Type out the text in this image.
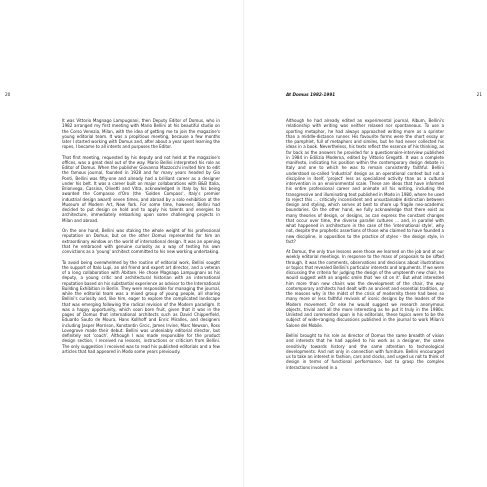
20

It was Vittorio Magnago Lampugnani, then Deputy Editor of Domus, who in 1982 arranged my first meeting with Mario Bellini at his beautiful studio on the Corso Venezia, Milan, with the idea of getting me to join the magazine's young editorial team. It was a propitious meeting, because a few months later I started working with Domus and, after about a year spent learning the ropes, I became to all intents and purposes the Editor.

That first meeting, requested by his deputy and not held at the magazine's offices, was a great deal out of the way. Mario Bellini interpreted his role as Editor of Domus. When the publisher Giovanna Mazzocchi invited him to edit the famous journal, founded in 1928 and for many years headed by Gio Ponti, Bellini was fifty-one and already had a brilliant career as a designer under his belt. It was a career built on major collaborations with B&B Italia, Brionvega, Cassina, Olivetti and Vitra, acknowledged in Italy by his being awarded the Compasso d'Oro (the 'Golden Compass', Italy's premier industrial design award) seven times, and abroad by a solo exhibition at the Museum of Modern Art, New York. For some time, however, Bellini had decided to put design on hold and to apply his talents and energies to architecture, immediately embarking upon some challenging projects in Milan and abroad.

On the one hand, Bellini was staking the whole weight of his professional reputation on Domus, but on the other Domus represented for him an extraordinary window on the world of international design. It was an opening that he embraced with genuine curiosity as a way of testing his own convictions as a 'young' architect committed to his new working undertaking.

To avoid being overwhelmed by the routine of editorial work, Bellini sought the support of Italo Lupi, an old friend and expert art director, and a veteran of a long collaboration with Abitare. He chose Magnago Lampugnani as his deputy, a young critic and architectural historian with an international reputation based on his substantial experience as advisor to the International Building Exhibition in Berlin. They were responsible for managing the journal, while the editorial team was a mixed group of young people, all sharing Bellini's curiosity and, like him, eager to explore the complicated landscape that was emerging following the radical revision of the Modern paradigm. It was a happy opportunity, which soon bore fruit, given that it was in the pages of Domus that international architects such as David Chipperfield, Eduardo Souto de Moura, Hans Kollhoff and Enric Miralles, and designers including Jasper Morrison, Konstantin Grcic, James Irvine, Marc Newson, Ross Lovegrove made their debut. Bellini was undeniably editorial director, but definitely not 'coach'. Although I was made responsible for the product design section, I received no lessons, instructions or criticism from Bellini. The only suggestion I received was to read his published editorials and a few articles that had appeared in Modo some years previously.

At Domus 1982-1991	21

Although he had already edited an experimental journal, Album, Bellini's relationship with writing was neither relaxed nor spontaneous. To use a sporting metaphor, he had always approached writing more as a sprinter than a middle-distance runner. His favourite forms were the short essay or the pamphlet, full of metaphors and similes, but he had never collected his ideas in a book. Nevertheless, his texts reflect the essence of his thinking, as far back as the answers he provided for a questionnaire-interview published in 1984 in Edilizia Moderna, edited by Vittorio Gregotti. It was a complete manifesto, indicating his position within the contemporary design debate in Italy and one to which he was to remain consistently faithful. Bellini understood so-called 'industrial' design as an operational context but not a discipline in itself, 'project' less as specialized activity than as a cultural intervention in an environmental scale. These are ideas that have informed his entire professional career and animate all his writing, including the transgressive and illuminating text published in Modo in 1980, where he used to reject this ... critically inconsistent and unsustainable distinction between design and styling, which serves at best to shore up fragile neo-academic boundaries. On the other hand, we fully acknowledge that there exist as many theories of design, or designs, as can express the constant changes that occur over time, the diverse parallel cultures ... and, in parallel with what happened in architecture in the case of the 'international style', why not, despite the prophetic assertions of those who claimed to have founded a new discipline, in opposition to the practice of styles - the design style, in fact?

At Domus, the only true lessons were those we learned on the job and at our weekly editorial meetings. In response to the mass of proposals to be sifted through, it was the comments, observations and decisions about illustrations or topics that revealed Bellini's particular interests and arguments. If we were discussing the criteria for judging the design of the umpteenth new chair, he would suggest with an angelic smile that 'we sit on it'. But what interested him more than new chairs was the development of the chair, the way contemporary architects had dealt with an ancient and essential tradition, or the reasons why in the midst of the crisis of modernity there had been so many more or less faithful revivals of iconic designs by the leaders of the Modern movement. Or else he would suggest we research anonymous objects, trivial and all the more interesting as he put it truly in the 1980s. Unlisted and commented upon in his editorials, these topics were to be the subject of wide-ranging discussions published in the journal to work Milan's Salone del Mobile.

Bellini brought to his role as director of Domus the same breadth of vision and interests that he had applied to his work as a designer, the same sensitivity towards history and the same attention to technological developments. And not only in connection with furniture. Bellini encouraged us to take an interest in fashion, cars and clocks, and urged us not to think of design in terms of functional performance, but to grasp the complex interactions involved in a
